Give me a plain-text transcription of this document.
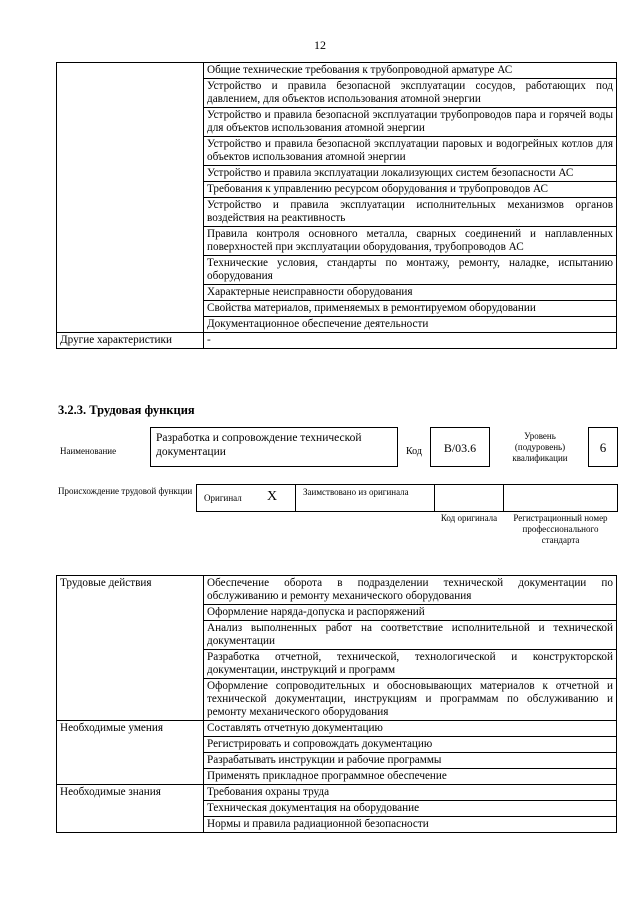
12
	Общие технические требования к трубопроводной арматуре АС
	Устройство и правила безопасной эксплуатации сосудов, работающих под давлением, для объектов использования атомной энергии
	Устройство и правила безопасной эксплуатации трубопроводов пара и горячей воды для объектов использования атомной энергии
	Устройство и правила безопасной эксплуатации паровых и водогрейных котлов для объектов использования атомной энергии
	Устройство и правила эксплуатации локализующих систем безопасности АС
	Требования к управлению ресурсом оборудования и трубопроводов АС
	Устройство и правила эксплуатации исполнительных механизмов органов воздействия на реактивность
	Правила контроля основного металла, сварных соединений и наплавленных поверхностей при эксплуатации оборудования, трубопроводов АС
	Технические условия, стандарты по монтажу, ремонту, наладке, испытанию оборудования
	Характерные неисправности оборудования
	Свойства материалов, применяемых в ремонтируемом оборудовании
	Документационное обеспечение деятельности
Другие характеристики	-
3.2.3. Трудовая функция
Наименование
Разработка и сопровождение технической документации	Код	В/03.6
Уровень (подуровень) квалификации
6
Происхождение трудовой функции
Оригинал Х	Заимствовано из оригинала
Код оригинала	Регистрационный номер профессионального стандарта
Трудовые действия	Обеспечение оборота в подразделении технической документации по обслуживанию и ремонту механического оборудования
	Оформление наряда-допуска и распоряжений
	Анализ выполненных работ на соответствие исполнительной и технической документации
	Разработка отчетной, технической, технологической и конструкторской документации, инструкций и программ
	Оформление сопроводительных и обосновывающих материалов к отчетной и технической документации, инструкциям и программам по обслуживанию и ремонту механического оборудования
Необходимые умения	Составлять отчетную документацию
	Регистрировать и сопровождать документацию
	Разрабатывать инструкции и рабочие программы
	Применять прикладное программное обеспечение
Необходимые знания	Требования охраны труда
	Техническая документация на оборудование
	Нормы и правила радиационной безопасности
